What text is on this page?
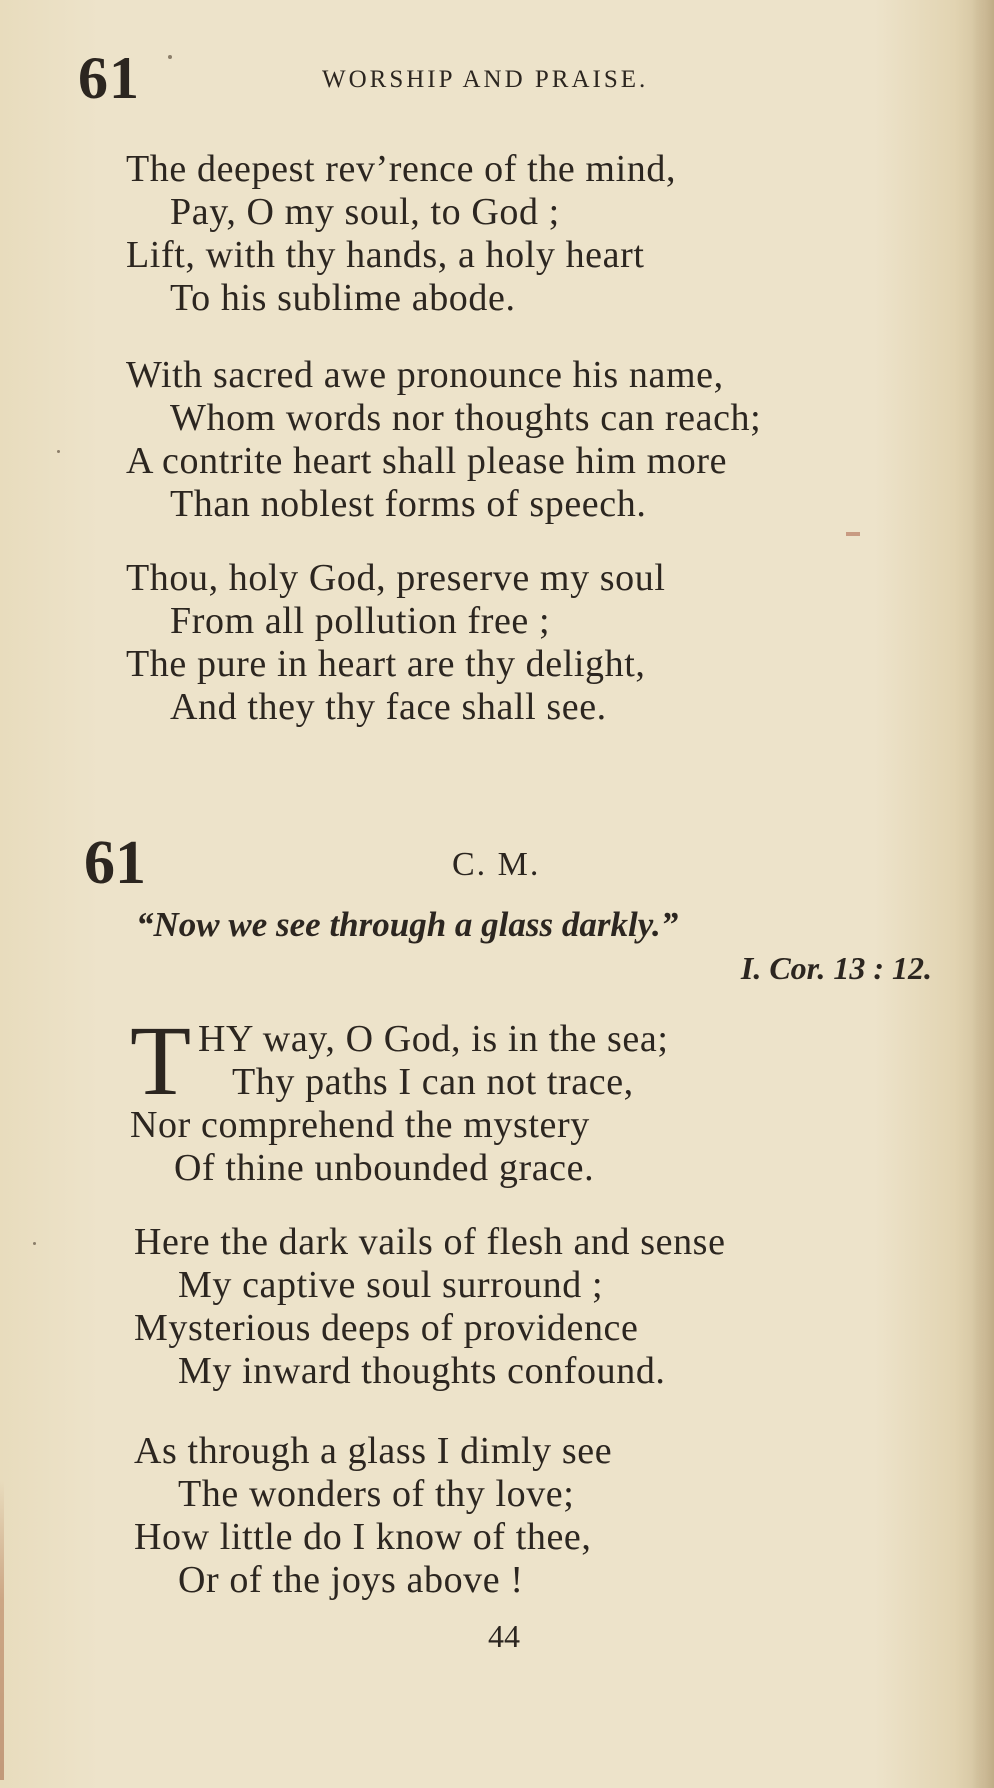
61	WORSHIP AND PRAISE.
The deepest rev’rence of the mind,
Pay, O my soul, to God ;
Lift, with thy hands, a holy heart
To his sublime abode.
With sacred awe pronounce his name,
Whom words nor thoughts can reach;
A contrite heart shall please him more
Than noblest forms of speech.
Thou, holy God, preserve my soul
From all pollution free ;
The pure in heart are thy delight,
And they thy face shall see.
61	C. M.
“Now we see through a glass darkly.”
I. Cor. 13 : 12.
T HY way, O God, is in the sea;
Thy paths I can not trace,
Nor comprehend the mystery
Of thine unbounded grace.
Here the dark vails of flesh and sense
My captive soul surround ;
Mysterious deeps of providence
My inward thoughts confound.
As through a glass I dimly see
The wonders of thy love;
How little do I know of thee,
Or of the joys above !
44
